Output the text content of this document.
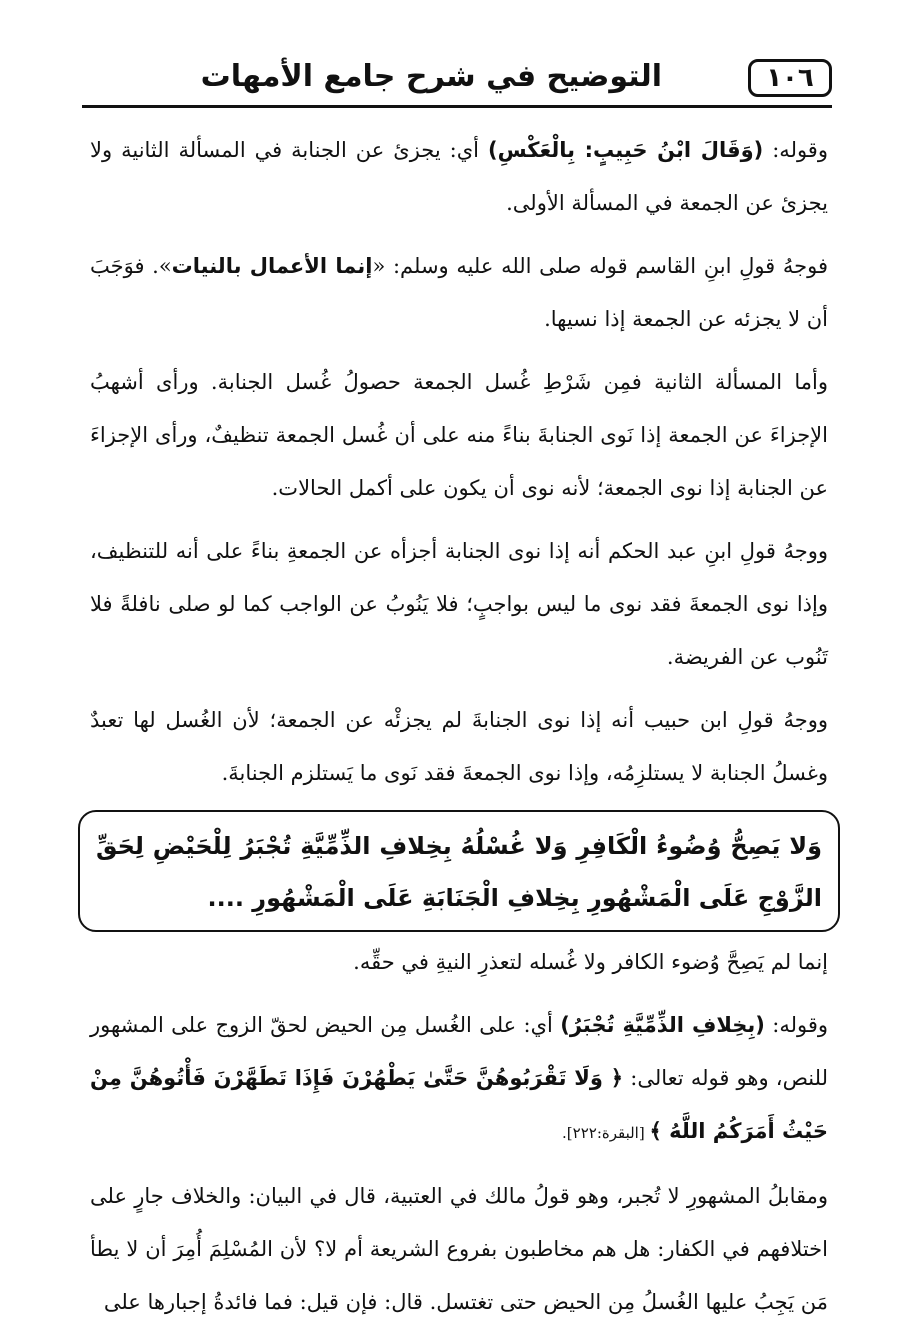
١٠٦
التوضيح في شرح جامع الأمهات

وقوله: (وَقَالَ ابْنُ حَبِيبٍ: بِالْعَكْسِ) أي: يجزئ عن الجنابة في المسألة الثانية ولا يجزئ عن الجمعة في المسألة الأولى.

فوجهُ قولِ ابنِ القاسم قوله صلى الله عليه وسلم: «إنما الأعمال بالنيات». فوَجَبَ أن لا يجزئه عن الجمعة إذا نسيها.

وأما المسألة الثانية فمِن شَرْطِ غُسل الجمعة حصولُ غُسل الجنابة. ورأى أشهبُ الإجزاءَ عن الجمعة إذا نَوى الجنابةَ بناءً منه على أن غُسل الجمعة تنظيفٌ، ورأى الإجزاءَ عن الجنابة إذا نوى الجمعة؛ لأنه نوى أن يكون على أكمل الحالات.

ووجهُ قولِ ابنِ عبد الحكم أنه إذا نوى الجنابة أجزأه عن الجمعةِ بناءً على أنه للتنظيف، وإذا نوى الجمعةَ فقد نوى ما ليس بواجبٍ؛ فلا يَنُوبُ عن الواجب كما لو صلى نافلةً فلا تَنُوب عن الفريضة.

ووجهُ قولِ ابن حبيب أنه إذا نوى الجنابةَ لم يجزئْه عن الجمعة؛ لأن الغُسل لها تعبدٌ وغسلُ الجنابة لا يستلزِمُه، وإذا نوى الجمعةَ فقد نَوى ما يَستلزم الجنابةَ.

وَلا يَصِحُّ وُضُوءُ الْكَافِرِ وَلا غُسْلُهُ بِخِلافِ الذِّمِّيَّةِ تُجْبَرُ لِلْحَيْضِ لِحَقِّ الزَّوْجِ عَلَى الْمَشْهُورِ بِخِلافِ الْجَنَابَةِ عَلَى الْمَشْهُورِ ....

إنما لم يَصِحَّ وُضوء الكافر ولا غُسله لتعذرِ النيةِ في حقِّه.

وقوله: (بِخِلافِ الذِّمِّيَّةِ تُجْبَرُ) أي: على الغُسل مِن الحيض لحقّ الزوج على المشهور للنص، وهو قوله تعالى: ﴿ وَلَا تَقْرَبُوهُنَّ حَتَّىٰ يَطْهُرْنَ فَإِذَا تَطَهَّرْنَ فَأْتُوهُنَّ مِنْ حَيْثُ أَمَرَكُمُ اللَّهُ ﴾ [البقرة:٢٢٢].

ومقابلُ المشهورِ لا تُجبر، وهو قولُ مالك في العتبية، قال في البيان: والخلاف جارٍ على اختلافهم في الكفار: هل هم مخاطبون بفروع الشريعة أم لا؟ لأن المُسْلِمَ أُمِرَ أن لا يطأ مَن يَجِبُ عليها الغُسلُ مِن الحيض حتى تغتسل. قال: فإن قيل: فما فائدةُ إجبارها على
